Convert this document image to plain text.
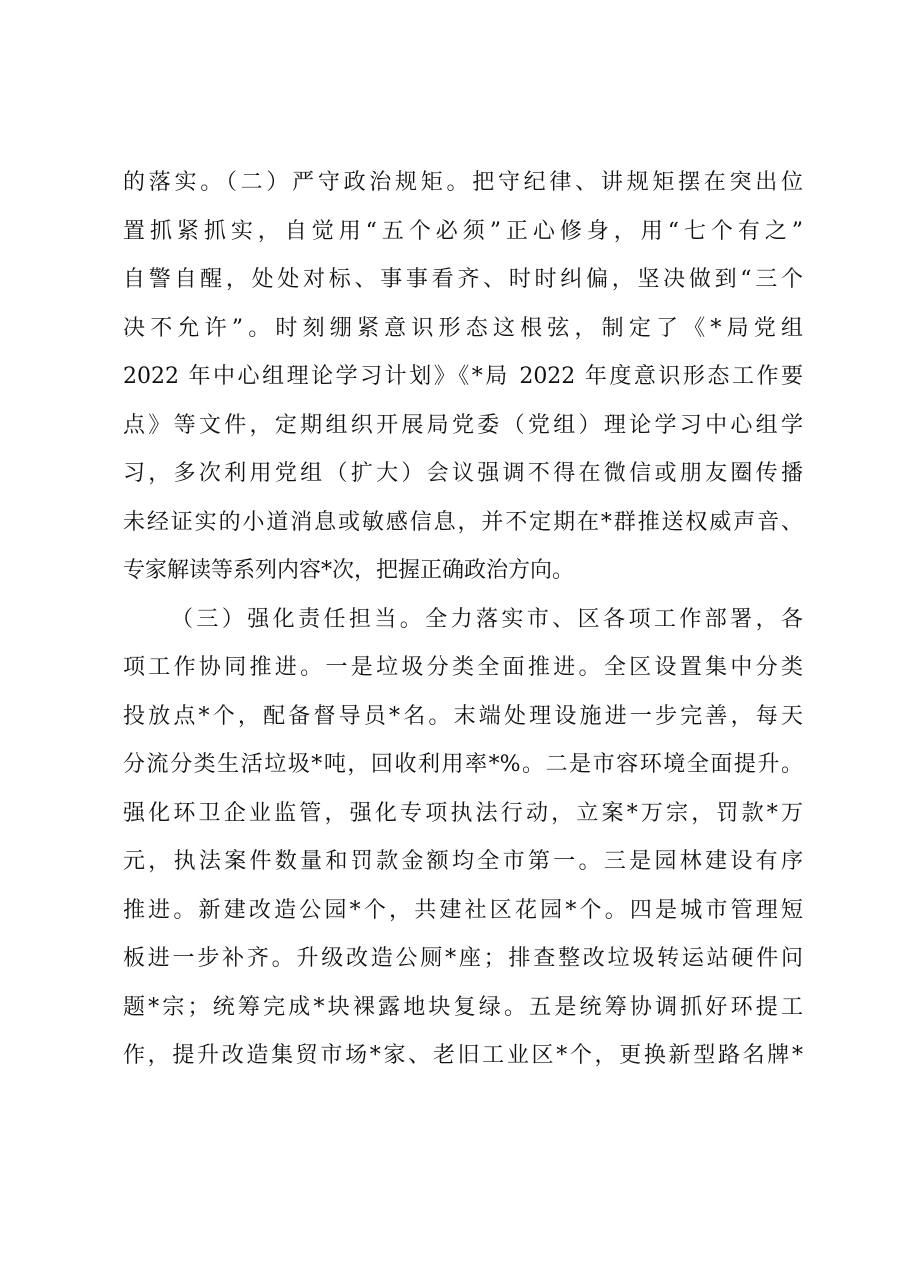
的落实。（二）严守政治规矩。把守纪律、讲规矩摆在突出位
置抓紧抓实，自觉用“五个必须”正心修身，用“七个有之”
自警自醒，处处对标、事事看齐、时时纠偏，坚决做到“三个
决不允许”。时刻绷紧意识形态这根弦，制定了《*局党组
2022 年中心组理论学习计划》《*局 2022 年度意识形态工作要
点》等文件，定期组织开展局党委（党组）理论学习中心组学
习，多次利用党组（扩大）会议强调不得在微信或朋友圈传播
未经证实的小道消息或敏感信息，并不定期在*群推送权威声音、
专家解读等系列内容*次，把握正确政治方向。
（三）强化责任担当。全力落实市、区各项工作部署，各
项工作协同推进。一是垃圾分类全面推进。全区设置集中分类
投放点*个，配备督导员*名。末端处理设施进一步完善，每天
分流分类生活垃圾*吨，回收利用率*%。二是市容环境全面提升。
强化环卫企业监管，强化专项执法行动，立案*万宗，罚款*万
元，执法案件数量和罚款金额均全市第一。三是园林建设有序
推进。新建改造公园*个，共建社区花园*个。四是城市管理短
板进一步补齐。升级改造公厕*座；排查整改垃圾转运站硬件问
题*宗；统筹完成*块裸露地块复绿。五是统筹协调抓好环提工
作，提升改造集贸市场*家、老旧工业区*个，更换新型路名牌*
